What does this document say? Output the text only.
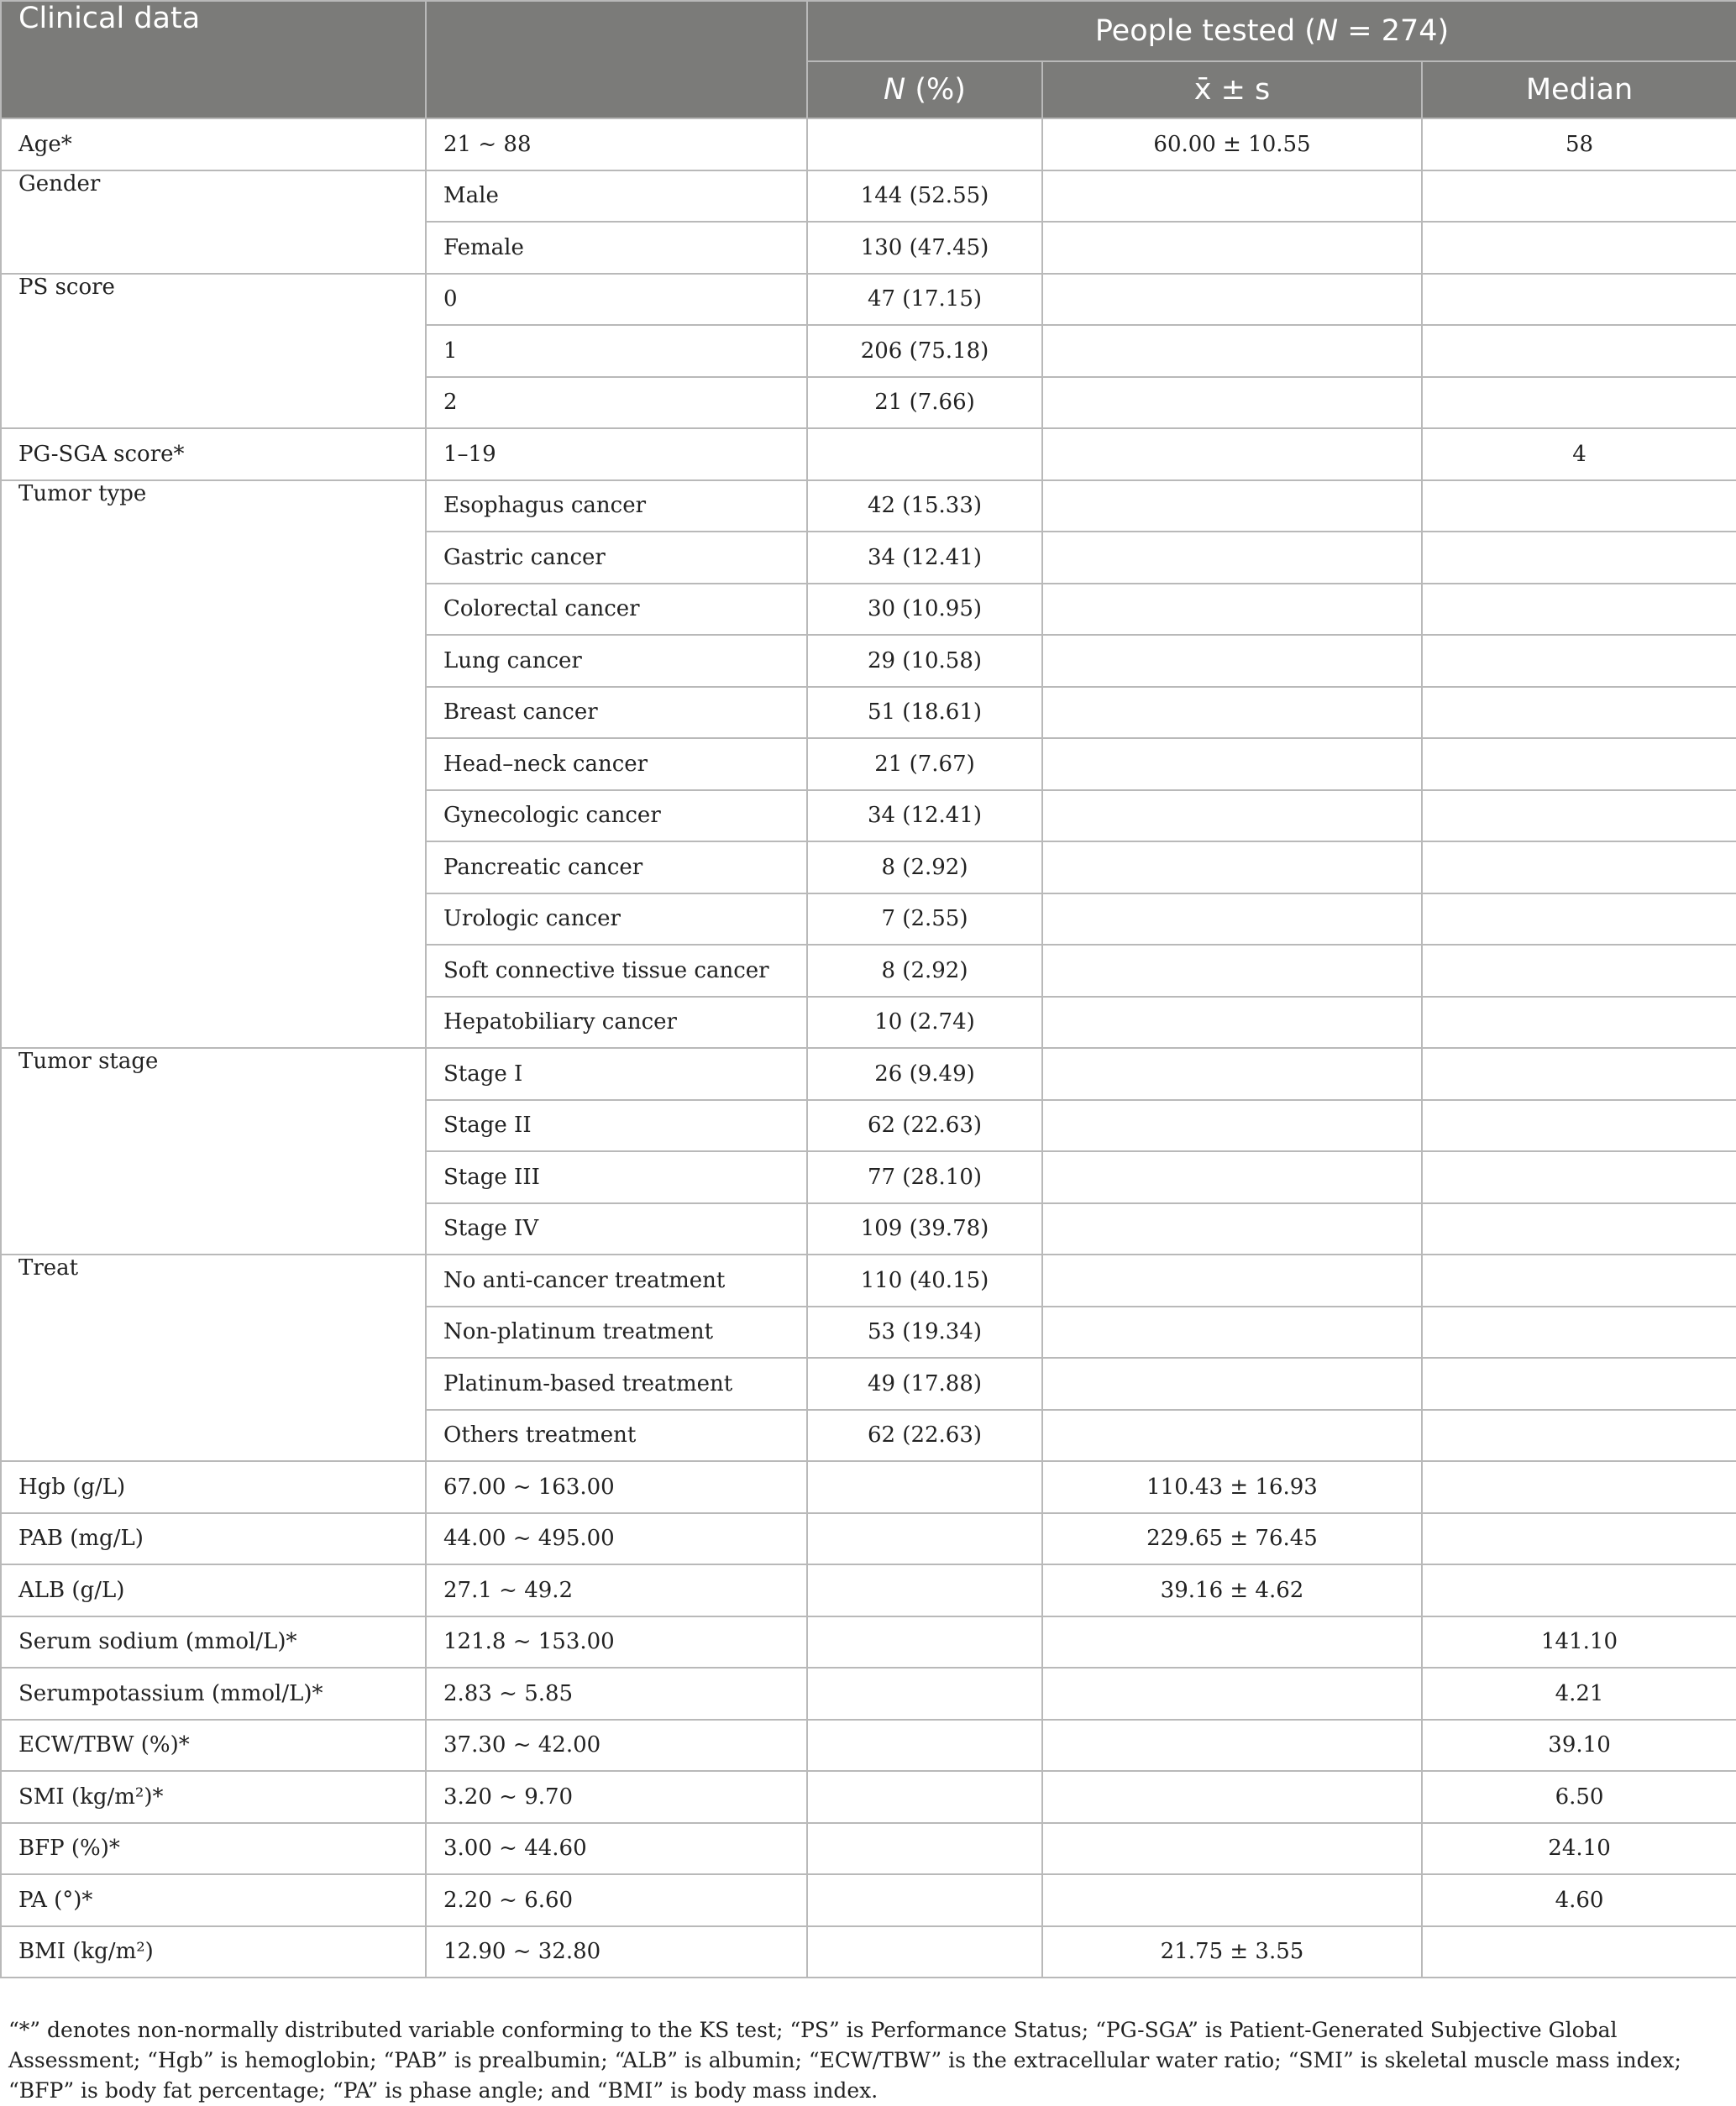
Clinical data		People tested (N = 274)		
		N (%)	x̄ ± s	Median
Age*	21 ~ 88		60.00 ± 10.55	58
Gender	Male	144 (52.55)		
	Female	130 (47.45)		
PS score	0	47 (17.15)		
	1	206 (75.18)		
	2	21 (7.66)		
PG-SGA score*	1–19			4
Tumor type	Esophagus cancer	42 (15.33)		
	Gastric cancer	34 (12.41)		
	Colorectal cancer	30 (10.95)		
	Lung cancer	29 (10.58)		
	Breast cancer	51 (18.61)		
	Head–neck cancer	21 (7.67)		
	Gynecologic cancer	34 (12.41)		
	Pancreatic cancer	8 (2.92)		
	Urologic cancer	7 (2.55)		
	Soft connective tissue cancer	8 (2.92)		
	Hepatobiliary cancer	10 (2.74)		
Tumor stage	Stage I	26 (9.49)		
	Stage II	62 (22.63)		
	Stage III	77 (28.10)		
	Stage IV	109 (39.78)		
Treat	No anti-cancer treatment	110 (40.15)		
	Non-platinum treatment	53 (19.34)		
	Platinum-based treatment	49 (17.88)		
	Others treatment	62 (22.63)		
Hgb (g/L)	67.00 ~ 163.00		110.43 ± 16.93	
PAB (mg/L)	44.00 ~ 495.00		229.65 ± 76.45	
ALB (g/L)	27.1 ~ 49.2		39.16 ± 4.62	
Serum sodium (mmol/L)*	121.8 ~ 153.00			141.10
Serumpotassium (mmol/L)*	2.83 ~ 5.85			4.21
ECW/TBW (%)*	37.30 ~ 42.00			39.10
SMI (kg/m²)*	3.20 ~ 9.70			6.50
BFP (%)*	3.00 ~ 44.60			24.10
PA (°)*	2.20 ~ 6.60			4.60
BMI (kg/m²)	12.90 ~ 32.80		21.75 ± 3.55	
“*” denotes non-normally distributed variable conforming to the KS test; “PS” is Performance Status; “PG-SGA” is Patient-Generated Subjective Global Assessment; “Hgb” is hemoglobin; “PAB” is prealbumin; “ALB” is albumin; “ECW/TBW” is the extracellular water ratio; “SMI” is skeletal muscle mass index; “BFP” is body fat percentage; “PA” is phase angle; and “BMI” is body mass index.
